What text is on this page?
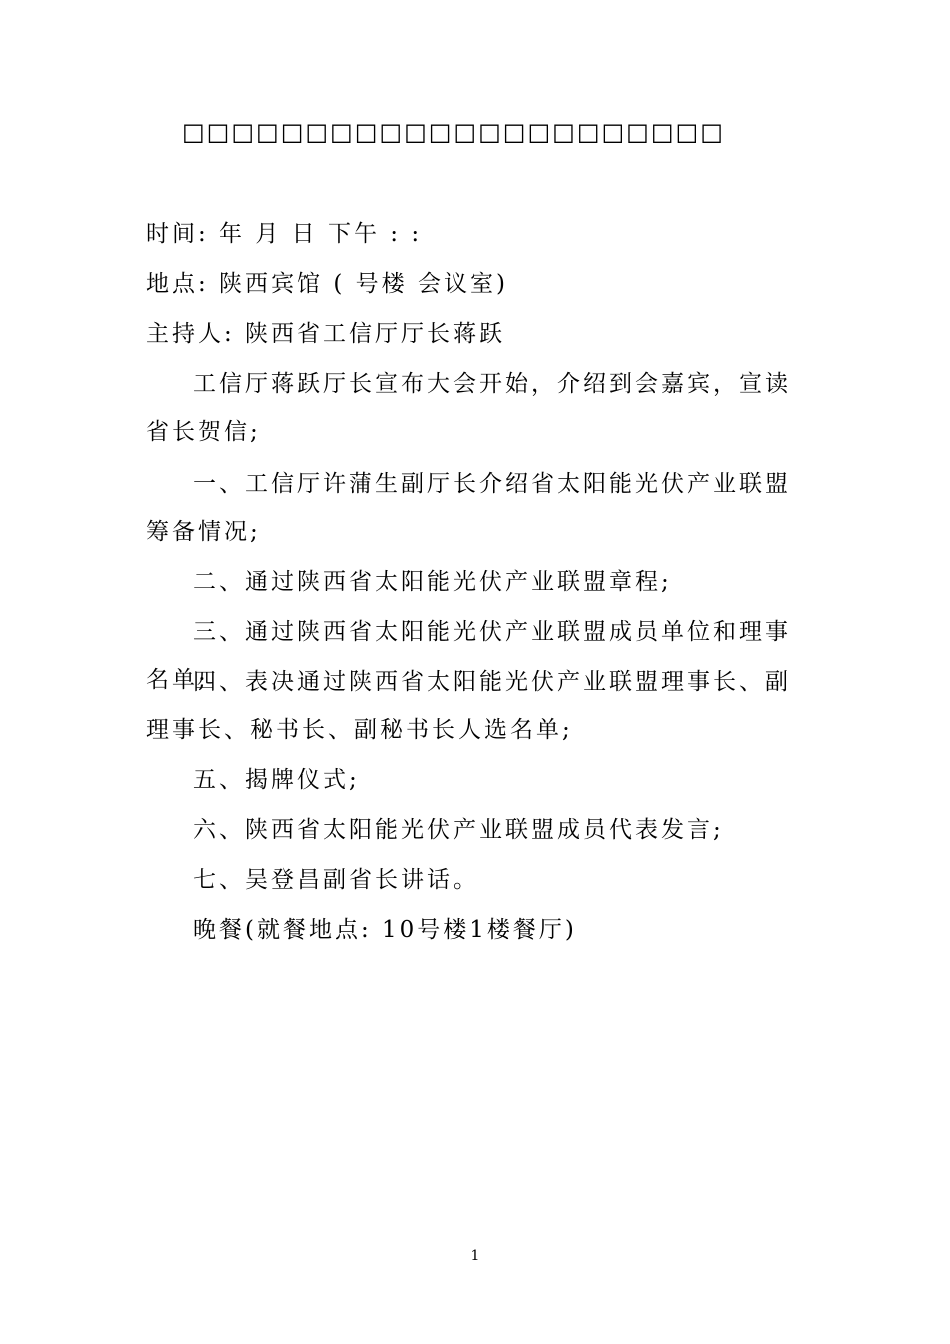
□□□□□□□□□□□□□□□□□□□□□□
时间: 年 月 日 下午 : :
地点: 陕西宾馆 ( 号楼 会议室)
主持人: 陕西省工信厅厅长蒋跃
工信厅蒋跃厅长宣布大会开始，介绍到会嘉宾，宣读省长贺信;
一、工信厅许蒲生副厅长介绍省太阳能光伏产业联盟筹备情况;
二、通过陕西省太阳能光伏产业联盟章程;
三、通过陕西省太阳能光伏产业联盟成员单位和理事名单;
四、表决通过陕西省太阳能光伏产业联盟理事长、副理事长、秘书长、副秘书长人选名单;
五、揭牌仪式;
六、陕西省太阳能光伏产业联盟成员代表发言;
七、吴登昌副省长讲话。
晚餐(就餐地点: 10号楼1楼餐厅)
1
